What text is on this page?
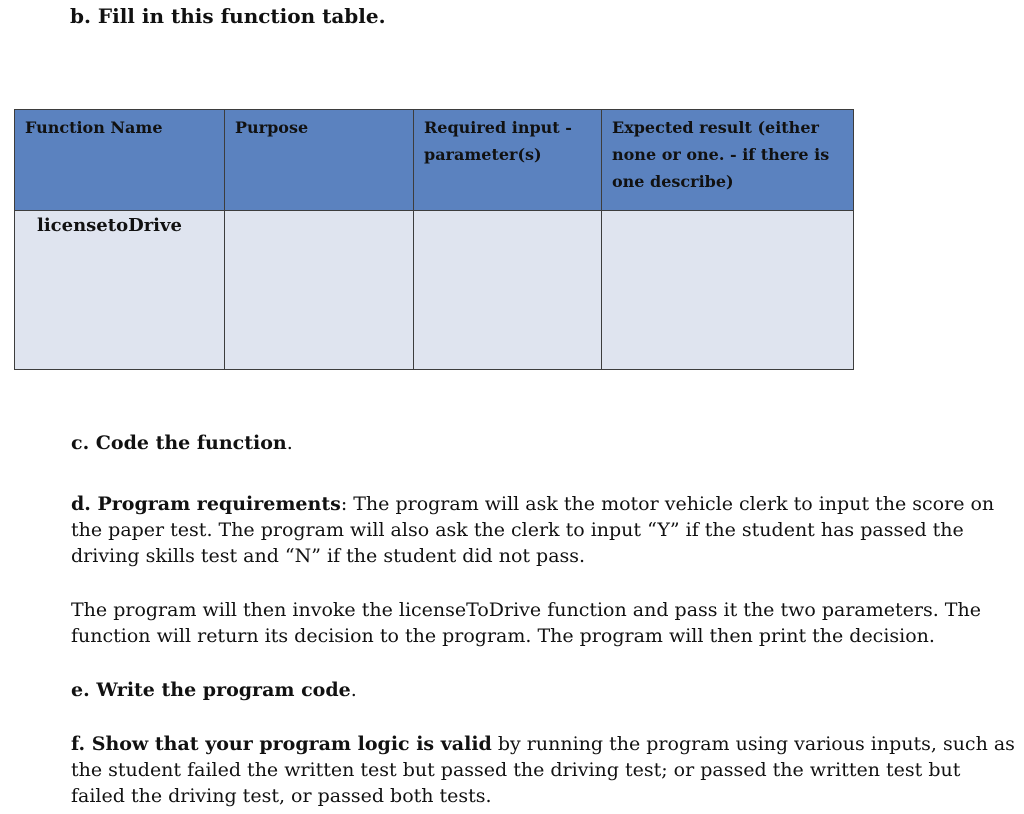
b. Fill in this function table.
Function Name	Purpose	Required input - parameter(s)	Expected result (either none or one. - if there is one describe)
licensetoDrive			

c. Code the function.

d. Program requirements: The program will ask the motor vehicle clerk to input the score on the paper test. The program will also ask the clerk to input “Y” if the student has passed the driving skills test and “N” if the student did not pass.

The program will then invoke the licenseToDrive function and pass it the two parameters. The function will return its decision to the program. The program will then print the decision.

e. Write the program code.

f. Show that your program logic is valid by running the program using various inputs, such as the student failed the written test but passed the driving test; or passed the written test but failed the driving test, or passed both tests.
